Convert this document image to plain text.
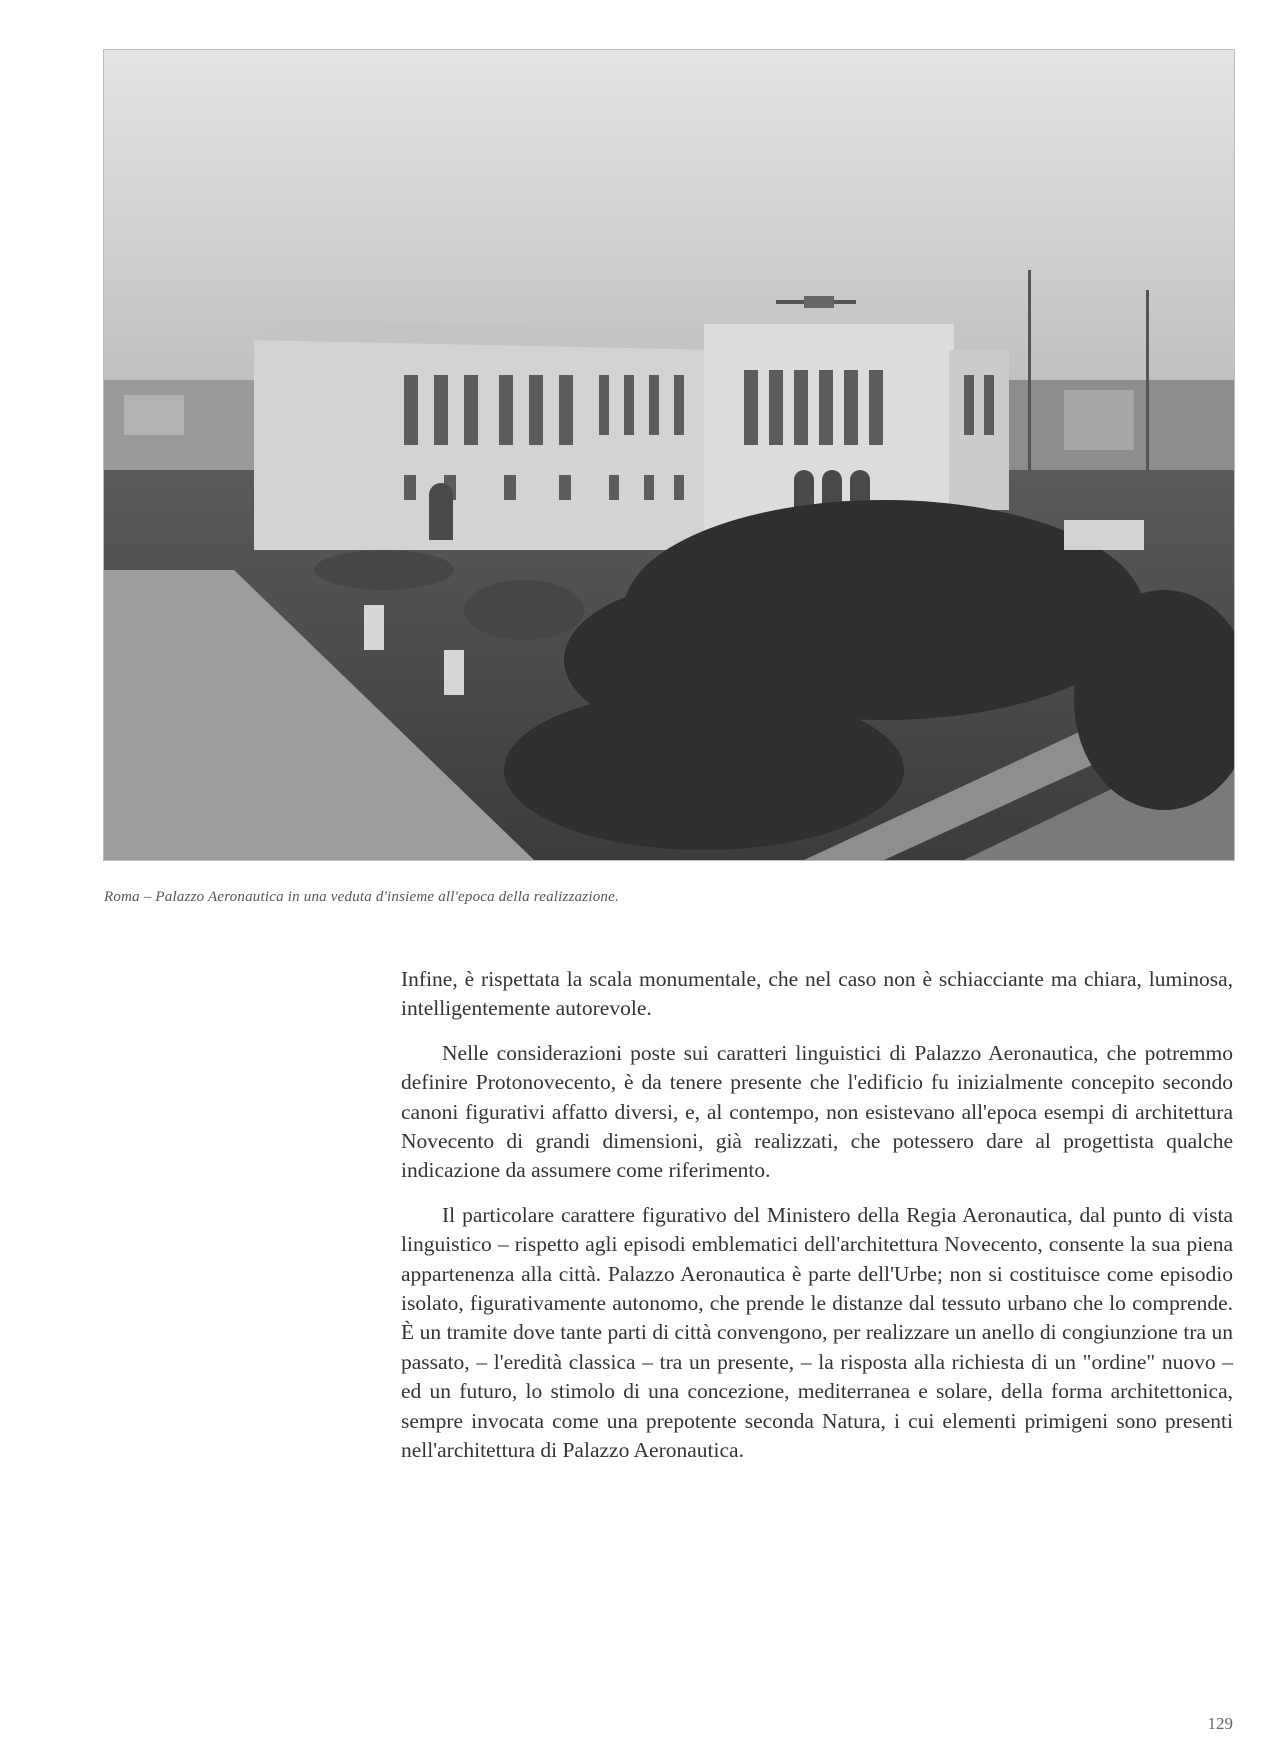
Roma – Palazzo Aeronautica in una veduta d'insieme all'epoca della realizzazione.

Infine, è rispettata la scala monumentale, che nel caso non è schiacciante ma chiara, luminosa, intelligentemente autorevole.

Nelle considerazioni poste sui caratteri linguistici di Palazzo Aeronautica, che potremmo definire Protonovecento, è da tenere presente che l'edificio fu inizialmente concepito secondo canoni figurativi affatto diversi, e, al contempo, non esistevano all'epoca esempi di architettura Novecento di grandi dimensioni, già realizzati, che potessero dare al progettista qualche indicazione da assumere come riferimento.

Il particolare carattere figurativo del Ministero della Regia Aeronautica, dal punto di vista linguistico – rispetto agli episodi emblematici dell'architettura Novecento, consente la sua piena appartenenza alla città. Palazzo Aeronautica è parte dell'Urbe; non si costituisce come episodio isolato, figurativamente autonomo, che prende le distanze dal tessuto urbano che lo comprende. È un tramite dove tante parti di città convengono, per realizzare un anello di congiunzione tra un passato, – l'eredità classica – tra un presente, – la risposta alla richiesta di un "ordine" nuovo – ed un futuro, lo stimolo di una concezione, mediterranea e solare, della forma architettonica, sempre invocata come una prepotente seconda Natura, i cui elementi primigeni sono presenti nell'architettura di Palazzo Aeronautica.

129
